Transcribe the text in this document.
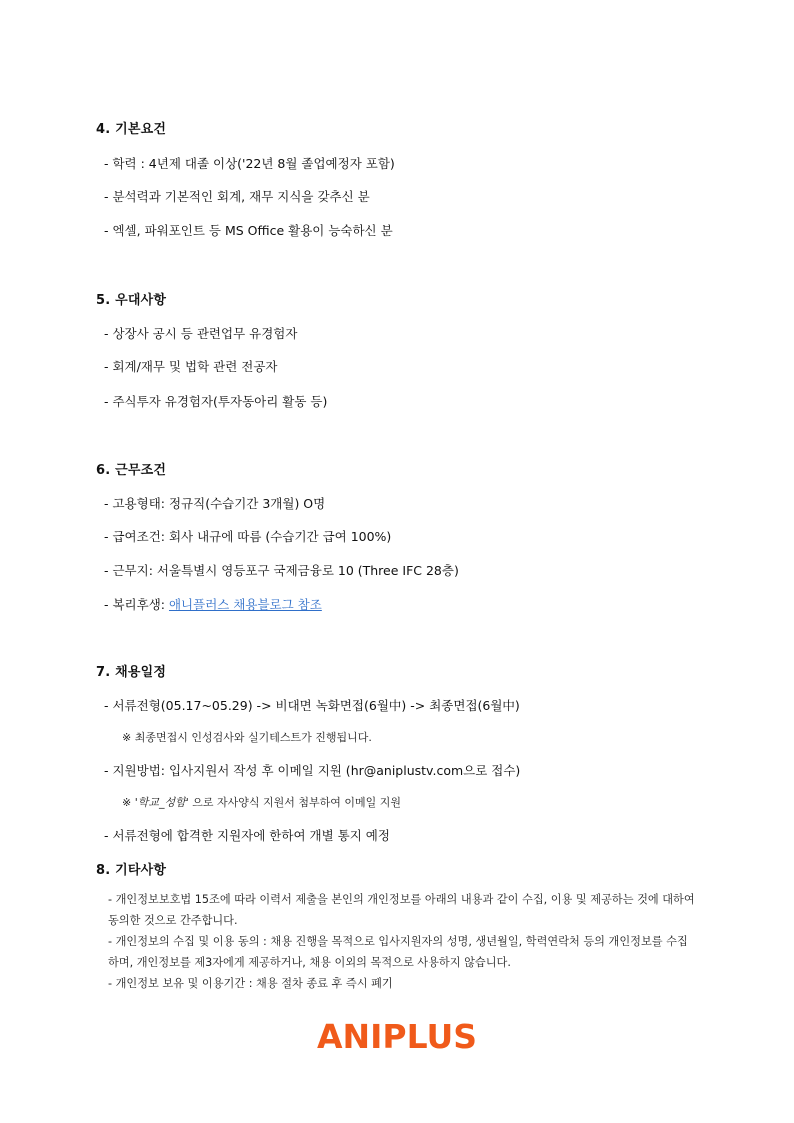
4. 기본요건
- 학력 : 4년제 대졸 이상('22년 8월 졸업예정자 포함)
- 분석력과 기본적인 회계, 재무 지식을 갖추신 분
- 엑셀, 파워포인트 등 MS Office 활용이 능숙하신 분
5. 우대사항
- 상장사 공시 등 관련업무 유경험자
- 회계/재무 및 법학 관련 전공자
- 주식투자 유경험자(투자동아리 활동 등)
6. 근무조건
- 고용형태: 정규직(수습기간 3개월) O명
- 급여조건: 회사 내규에 따름 (수습기간 급여 100%)
- 근무지: 서울특별시 영등포구 국제금융로 10 (Three IFC 28층)
- 복리후생: 애니플러스 채용블로그 참조
7. 채용일정
- 서류전형(05.17~05.29) -> 비대면 녹화면접(6월中) -> 최종면접(6월中)
※ 최종면접시 인성검사와 실기테스트가 진행됩니다.
- 지원방법: 입사지원서 작성 후 이메일 지원 (hr@aniplustv.com으로 접수)
※ '학교_성함' 으로 자사양식 지원서 첨부하여 이메일 지원
- 서류전형에 합격한 지원자에 한하여 개별 통지 예정
8. 기타사항
- 개인정보보호법 15조에 따라 이력서 제출을 본인의 개인정보를 아래의 내용과 같이 수집, 이용 및 제공하는 것에 대하여 동의한 것으로 간주합니다.
- 개인정보의 수집 및 이용 동의 : 채용 진행을 목적으로 입사지원자의 성명, 생년월일, 학력연락처 등의 개인정보를 수집하며, 개인정보를 제3자에게 제공하거나, 채용 이외의 목적으로 사용하지 않습니다.
- 개인정보 보유 및 이용기간 : 채용 절차 종료 후 즉시 폐기
ANIPLUS
